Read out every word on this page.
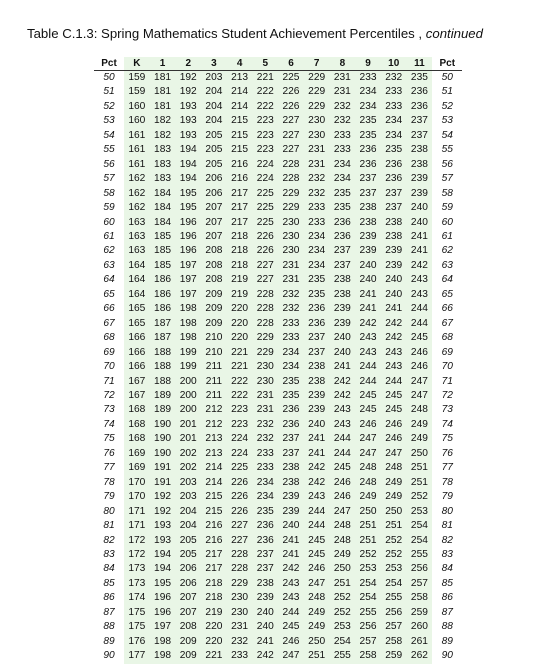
Table C.1.3: Spring Mathematics Student Achievement Percentiles , continued
Pct	K	1	2	3	4	5	6	7	8	9	10	11	Pct
50	159	181	192	203	213	221	225	229	231	233	232	235	50
51	159	181	192	204	214	222	226	229	231	234	233	236	51
52	160	181	193	204	214	222	226	229	232	234	233	236	52
53	160	182	193	204	215	223	227	230	232	235	234	237	53
54	161	182	193	205	215	223	227	230	233	235	234	237	54
55	161	183	194	205	215	223	227	231	233	236	235	238	55
56	161	183	194	205	216	224	228	231	234	236	236	238	56
57	162	183	194	206	216	224	228	232	234	237	236	239	57
58	162	184	195	206	217	225	229	232	235	237	237	239	58
59	162	184	195	207	217	225	229	233	235	238	237	240	59
60	163	184	196	207	217	225	230	233	236	238	238	240	60
61	163	185	196	207	218	226	230	234	236	239	238	241	61
62	163	185	196	208	218	226	230	234	237	239	239	241	62
63	164	185	197	208	218	227	231	234	237	240	239	242	63
64	164	186	197	208	219	227	231	235	238	240	240	243	64
65	164	186	197	209	219	228	232	235	238	241	240	243	65
66	165	186	198	209	220	228	232	236	239	241	241	244	66
67	165	187	198	209	220	228	233	236	239	242	242	244	67
68	166	187	198	210	220	229	233	237	240	243	242	245	68
69	166	188	199	210	221	229	234	237	240	243	243	246	69
70	166	188	199	211	221	230	234	238	241	244	243	246	70
71	167	188	200	211	222	230	235	238	242	244	244	247	71
72	167	189	200	211	222	231	235	239	242	245	245	247	72
73	168	189	200	212	223	231	236	239	243	245	245	248	73
74	168	190	201	212	223	232	236	240	243	246	246	249	74
75	168	190	201	213	224	232	237	241	244	247	246	249	75
76	169	190	202	213	224	233	237	241	244	247	247	250	76
77	169	191	202	214	225	233	238	242	245	248	248	251	77
78	170	191	203	214	226	234	238	242	246	248	249	251	78
79	170	192	203	215	226	234	239	243	246	249	249	252	79
80	171	192	204	215	226	235	239	244	247	250	250	253	80
81	171	193	204	216	227	236	240	244	248	251	251	254	81
82	172	193	205	216	227	236	241	245	248	251	252	254	82
83	172	194	205	217	228	237	241	245	249	252	252	255	83
84	173	194	206	217	228	237	242	246	250	253	253	256	84
85	173	195	206	218	229	238	243	247	251	254	254	257	85
86	174	196	207	218	230	239	243	248	252	254	255	258	86
87	175	196	207	219	230	240	244	249	252	255	256	259	87
88	175	197	208	220	231	240	245	249	253	256	257	260	88
89	176	198	209	220	232	241	246	250	254	257	258	261	89
90	177	198	209	221	233	242	247	251	255	258	259	262	90
